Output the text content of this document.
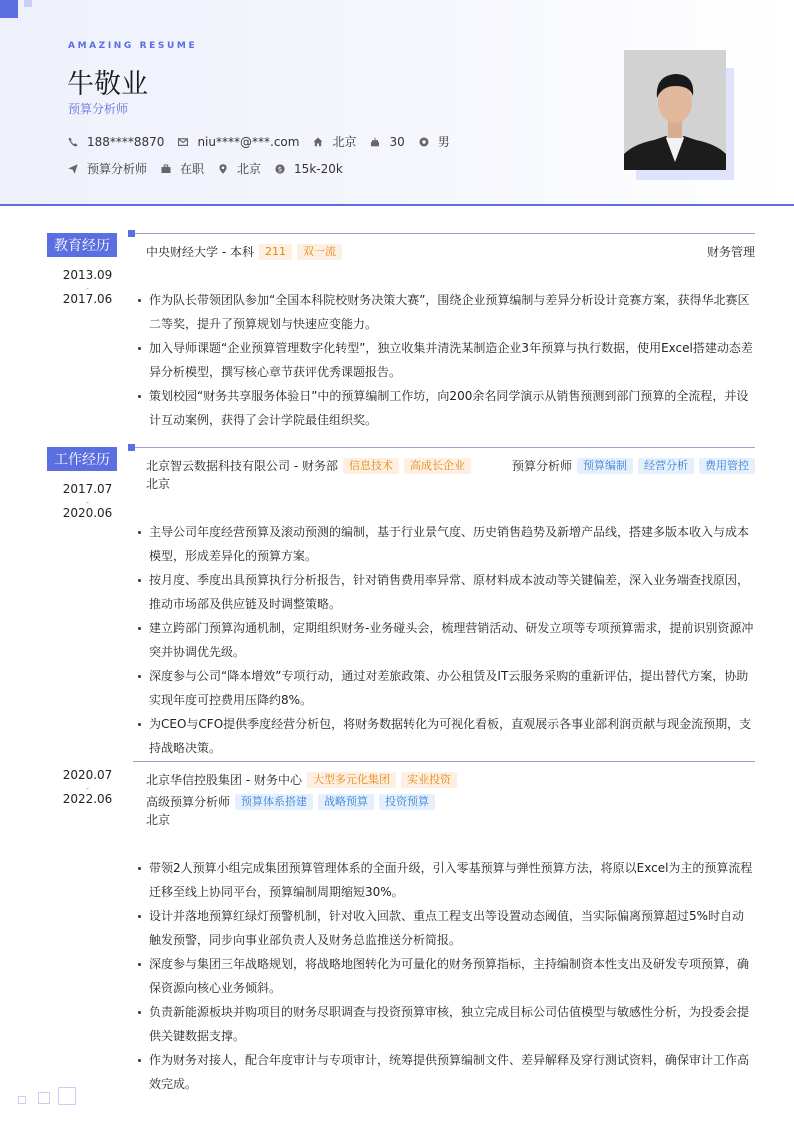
AMAZING RESUME
牛敬业
预算分析师
188****8870	niu****@***.com	北京	30	男
预算分析师	在职	北京 $ 15k-20k
教育经历
2013.09
-
2017.06
中央财经大学 - 本科	211	双一流	财务管理
作为队长带领团队参加“全国本科院校财务决策大赛”，围绕企业预算编制与差异分析设计竞赛方案，获得华北赛区二等奖，提升了预算规划与快速应变能力。
加入导师课题“企业预算管理数字化转型”，独立收集并清洗某制造企业3年预算与执行数据，使用Excel搭建动态差异分析模型，撰写核心章节获评优秀课题报告。
策划校园“财务共享服务体验日”中的预算编制工作坊，向200余名同学演示从销售预测到部门预算的全流程，并设计互动案例，获得了会计学院最佳组织奖。
工作经历
2017.07
-
2020.06
北京智云数据科技有限公司 - 财务部	信息技术	高成长企业	预算分析师	预算编制	经营分析	费用管控
北京
主导公司年度经营预算及滚动预测的编制，基于行业景气度、历史销售趋势及新增产品线，搭建多版本收入与成本模型，形成差异化的预算方案。
按月度、季度出具预算执行分析报告，针对销售费用率异常、原材料成本波动等关键偏差，深入业务端查找原因，推动市场部及供应链及时调整策略。
建立跨部门预算沟通机制，定期组织财务-业务碰头会，梳理营销活动、研发立项等专项预算需求，提前识别资源冲突并协调优先级。
深度参与公司“降本增效”专项行动，通过对差旅政策、办公租赁及IT云服务采购的重新评估，提出替代方案，协助实现年度可控费用压降约8%。
为CEO与CFO提供季度经营分析包，将财务数据转化为可视化看板，直观展示各事业部利润贡献与现金流预期，支持战略决策。
2020.07
-
2022.06
北京华信控股集团 - 财务中心	大型多元化集团	实业投资
高级预算分析师	预算体系搭建	战略预算	投资预算
北京
带领2人预算小组完成集团预算管理体系的全面升级，引入零基预算与弹性预算方法，将原以Excel为主的预算流程迁移至线上协同平台，预算编制周期缩短30%。
设计并落地预算红绿灯预警机制，针对收入回款、重点工程支出等设置动态阈值，当实际偏离预算超过5%时自动触发预警，同步向事业部负责人及财务总监推送分析简报。
深度参与集团三年战略规划，将战略地图转化为可量化的财务预算指标，主持编制资本性支出及研发专项预算，确保资源向核心业务倾斜。
负责新能源板块并购项目的财务尽职调查与投资预算审核，独立完成目标公司估值模型与敏感性分析，为投委会提供关键数据支撑。
作为财务对接人，配合年度审计与专项审计，统筹提供预算编制文件、差异解释及穿行测试资料，确保审计工作高效完成。
